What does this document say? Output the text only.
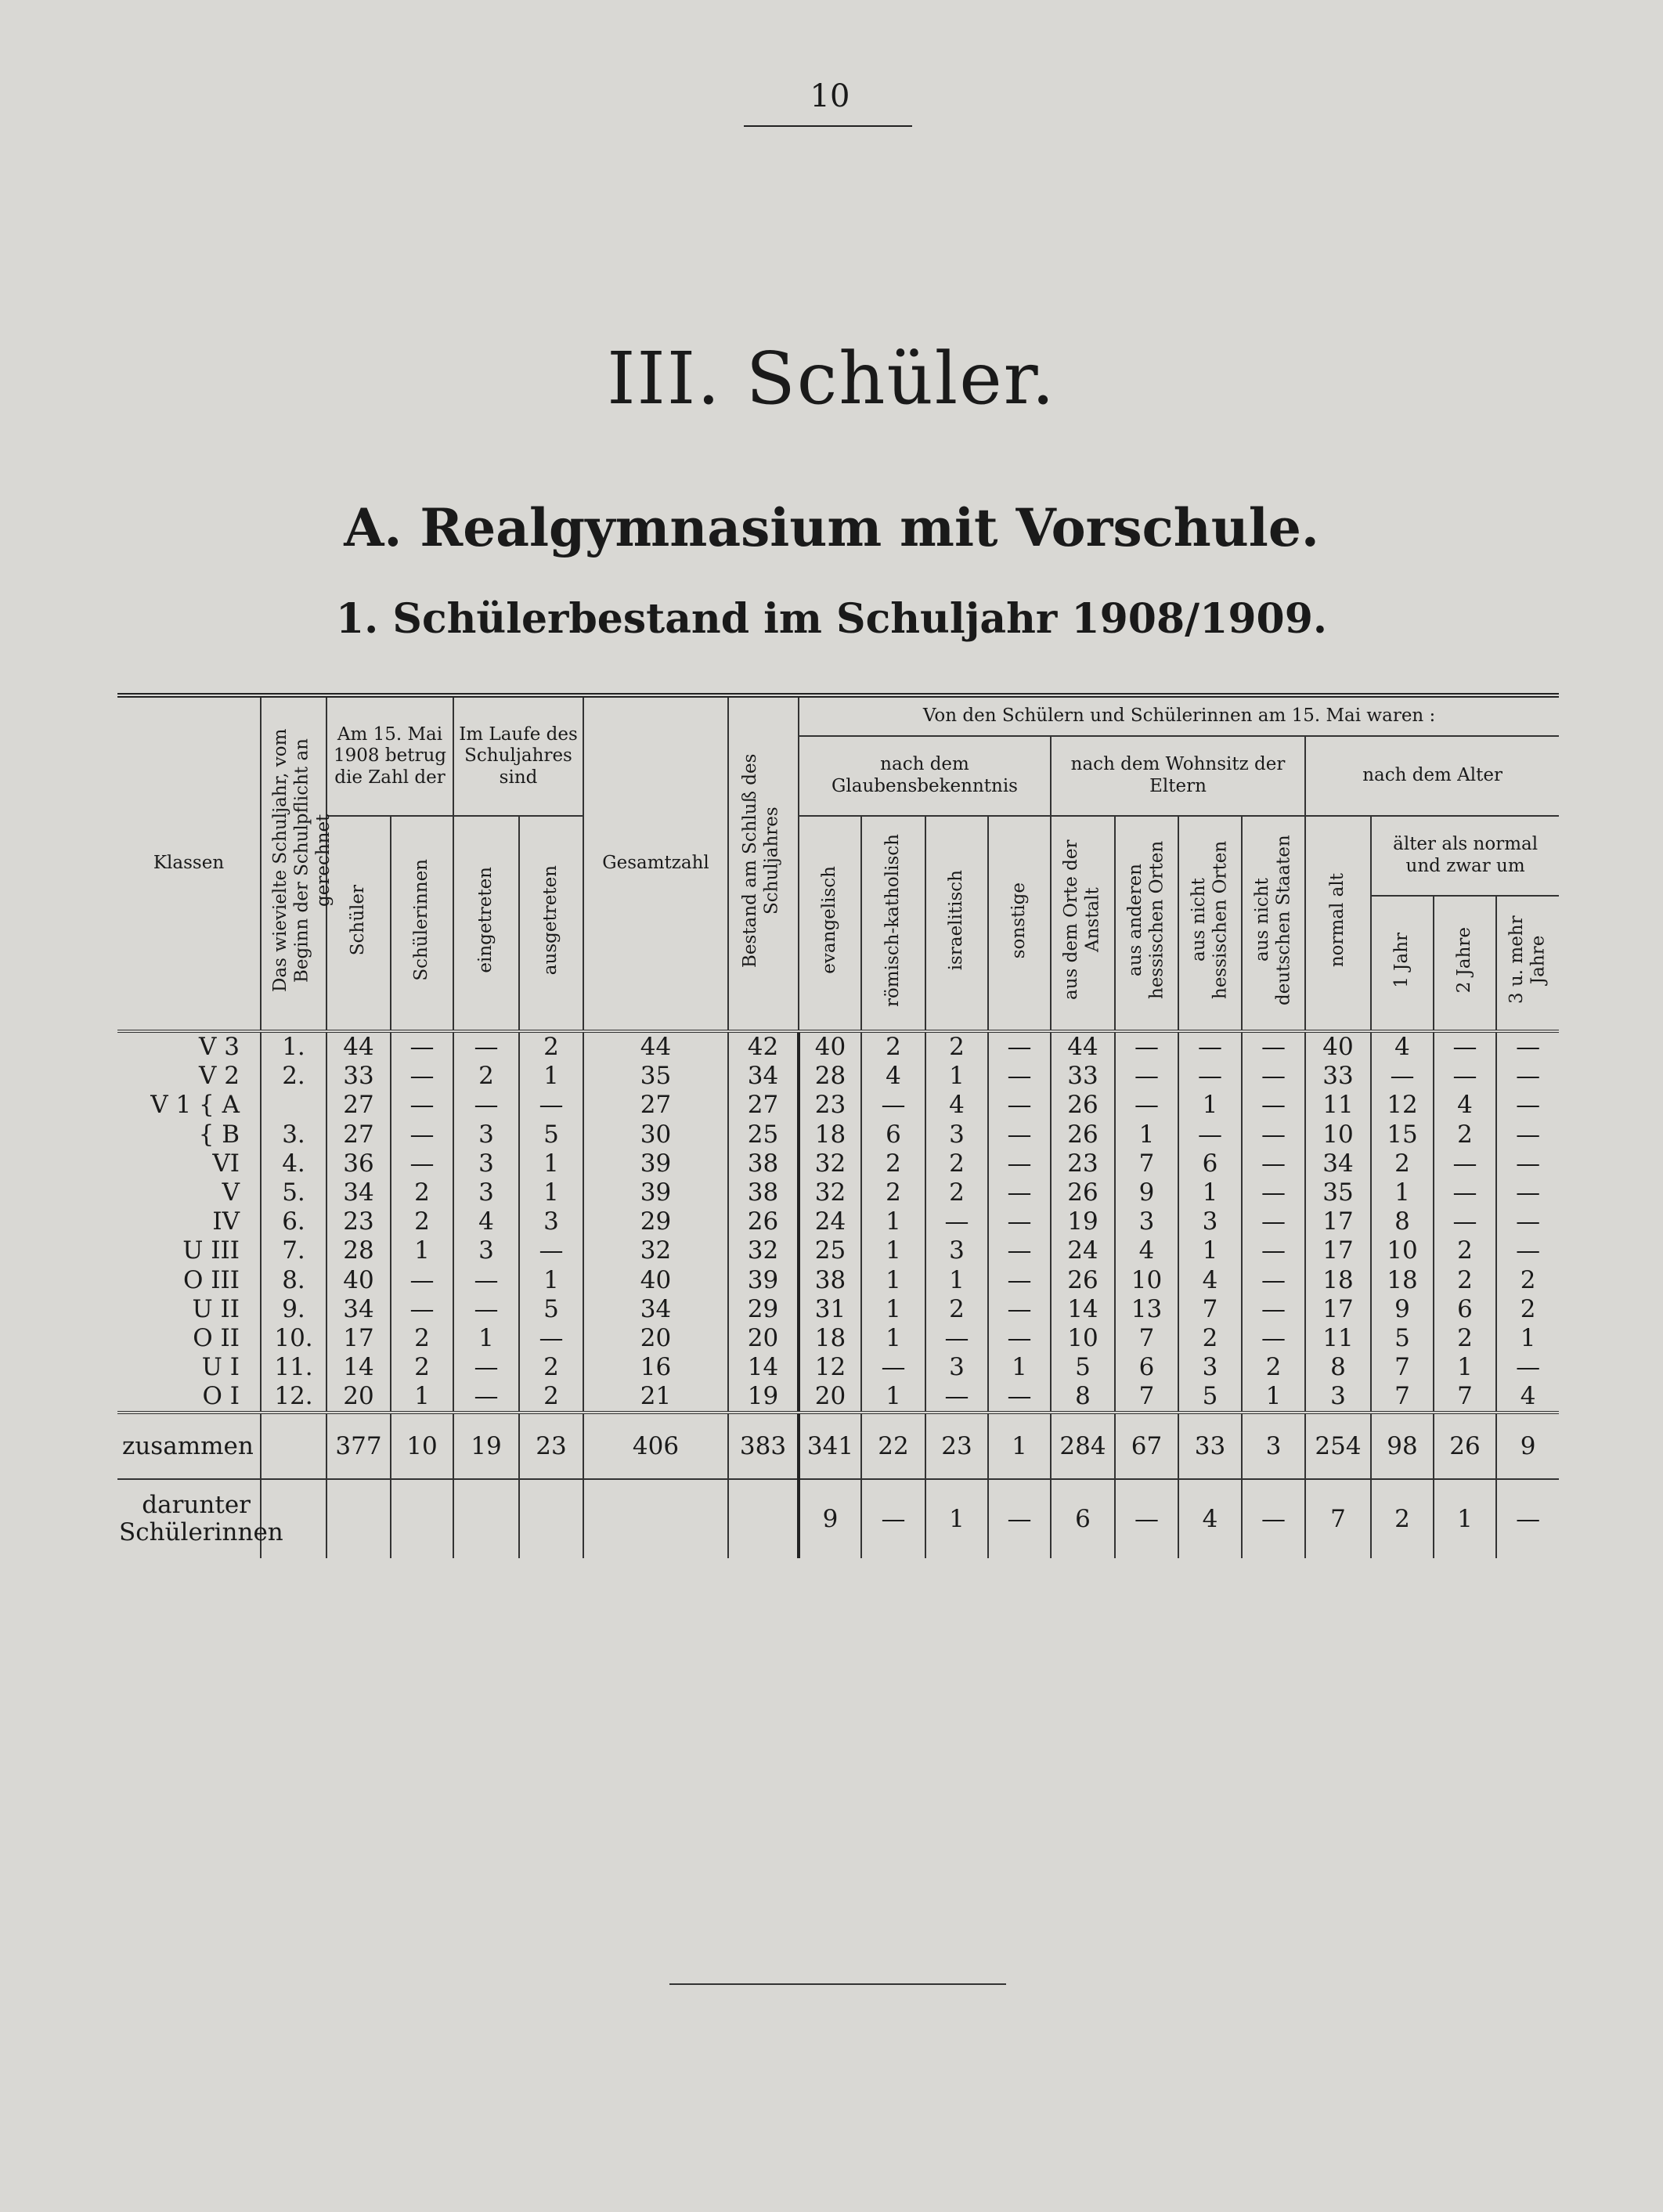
10
III. Schüler.
A. Realgymnasium mit Vorschule.
1. Schülerbestand im Schuljahr 1908/1909.
Klassen	Das wievielte Schuljahr, vom Beginn der Schulpflicht an gerechnet	Am 15. Mai 1908 betrug die Zahl der		Im Laufe des Schuljahres sind		Gesamtzahl	Bestand am Schluß des Schuljahres	Von den Schülern und Schülerinnen am 15. Mai waren :											
								nach dem Glaubensbekenntnis				nach dem Wohnsitz der Eltern				nach dem Alter			
		Schüler	Schülerinnen	eingetreten	ausgetreten			evangelisch	römisch-katholisch	israelitisch	sonstige	aus dem Orte der Anstalt	aus anderen hessischen Orten	aus nicht hessischen Orten	aus nicht deutschen Staaten	normal alt	älter als normal und zwar um		
																	1 Jahr	2 Jahre	3 u. mehr Jahre
V 3	1.	44	—	—	2	44	42	40	2	2	—	44	—	—	—	40	4	—	—
V 2	2.	33	—	2	1	35	34	28	4	1	—	33	—	—	—	33	—	—	—
V 1 { A		27	—	—	—	27	27	23	—	4	—	26	—	1	—	11	12	4	—
{ B	3.	27	—	3	5	30	25	18	6	3	—	26	1	—	—	10	15	2	—
VI	4.	36	—	3	1	39	38	32	2	2	—	23	7	6	—	34	2	—	—
V	5.	34	2	3	1	39	38	32	2	2	—	26	9	1	—	35	1	—	—
IV	6.	23	2	4	3	29	26	24	1	—	—	19	3	3	—	17	8	—	—
U III	7.	28	1	3	—	32	32	25	1	3	—	24	4	1	—	17	10	2	—
O III	8.	40	—	—	1	40	39	38	1	1	—	26	10	4	—	18	18	2	2
U II	9.	34	—	—	5	34	29	31	1	2	—	14	13	7	—	17	9	6	2
O II	10.	17	2	1	—	20	20	18	1	—	—	10	7	2	—	11	5	2	1
U I	11.	14	2	—	2	16	14	12	—	3	1	5	6	3	2	8	7	1	—
O I	12.	20	1	—	2	21	19	20	1	—	—	8	7	5	1	3	7	7	4
zusammen		377	10	19	23	406	383	341	22	23	1	284	67	33	3	254	98	26	9
darunter
Schülerinnen								9	—	1	—	6	—	4	—	7	2	1	—
